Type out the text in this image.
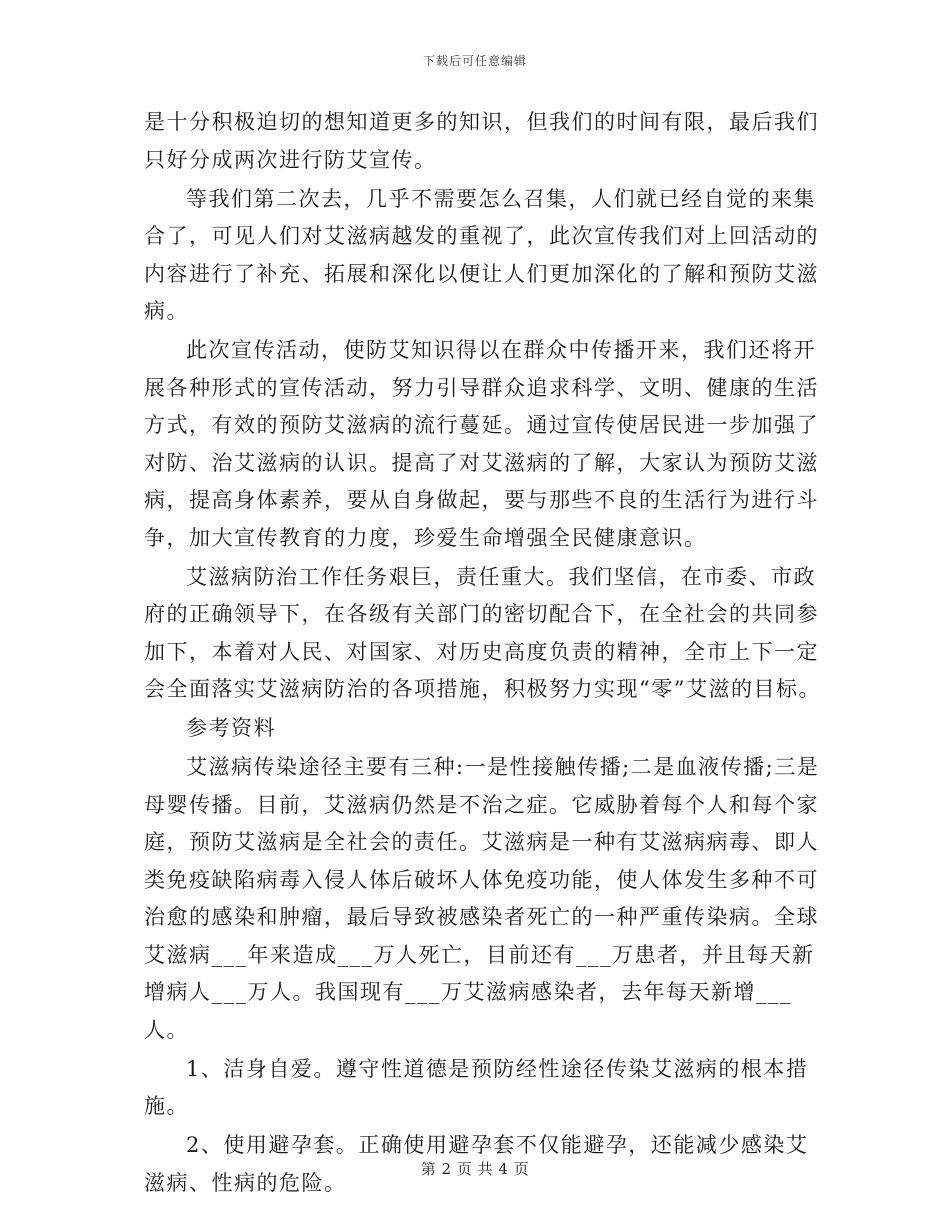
下载后可任意编辑

是十分积极迫切的想知道更多的知识，但我们的时间有限，最后我们只好分成两次进行防艾宣传。

等我们第二次去，几乎不需要怎么召集，人们就已经自觉的来集合了，可见人们对艾滋病越发的重视了，此次宣传我们对上回活动的内容进行了补充、拓展和深化以便让人们更加深化的了解和预防艾滋病。

此次宣传活动，使防艾知识得以在群众中传播开来，我们还将开展各种形式的宣传活动，努力引导群众追求科学、文明、健康的生活方式，有效的预防艾滋病的流行蔓延。通过宣传使居民进一步加强了对防、治艾滋病的认识。提高了对艾滋病的了解，大家认为预防艾滋病，提高身体素养，要从自身做起，要与那些不良的生活行为进行斗争，加大宣传教育的力度，珍爱生命增强全民健康意识。

艾滋病防治工作任务艰巨，责任重大。我们坚信，在市委、市政府的正确领导下，在各级有关部门的密切配合下，在全社会的共同参加下，本着对人民、对国家、对历史高度负责的精神，全市上下一定会全面落实艾滋病防治的各项措施，积极努力实现“零”艾滋的目标。

参考资料

艾滋病传染途径主要有三种:一是性接触传播;二是血液传播;三是母婴传播。目前，艾滋病仍然是不治之症。它威胁着每个人和每个家庭，预防艾滋病是全社会的责任。艾滋病是一种有艾滋病病毒、即人类免疫缺陷病毒入侵人体后破坏人体免疫功能，使人体发生多种不可治愈的感染和肿瘤，最后导致被感染者死亡的一种严重传染病。全球艾滋病___年来造成___万人死亡，目前还有___万患者，并且每天新增病人___万人。我国现有___万艾滋病感染者，去年每天新增___人。

1、洁身自爱。遵守性道德是预防经性途径传染艾滋病的根本措施。

2、使用避孕套。正确使用避孕套不仅能避孕，还能减少感染艾滋病、性病的危险。

第 2 页 共 4 页
